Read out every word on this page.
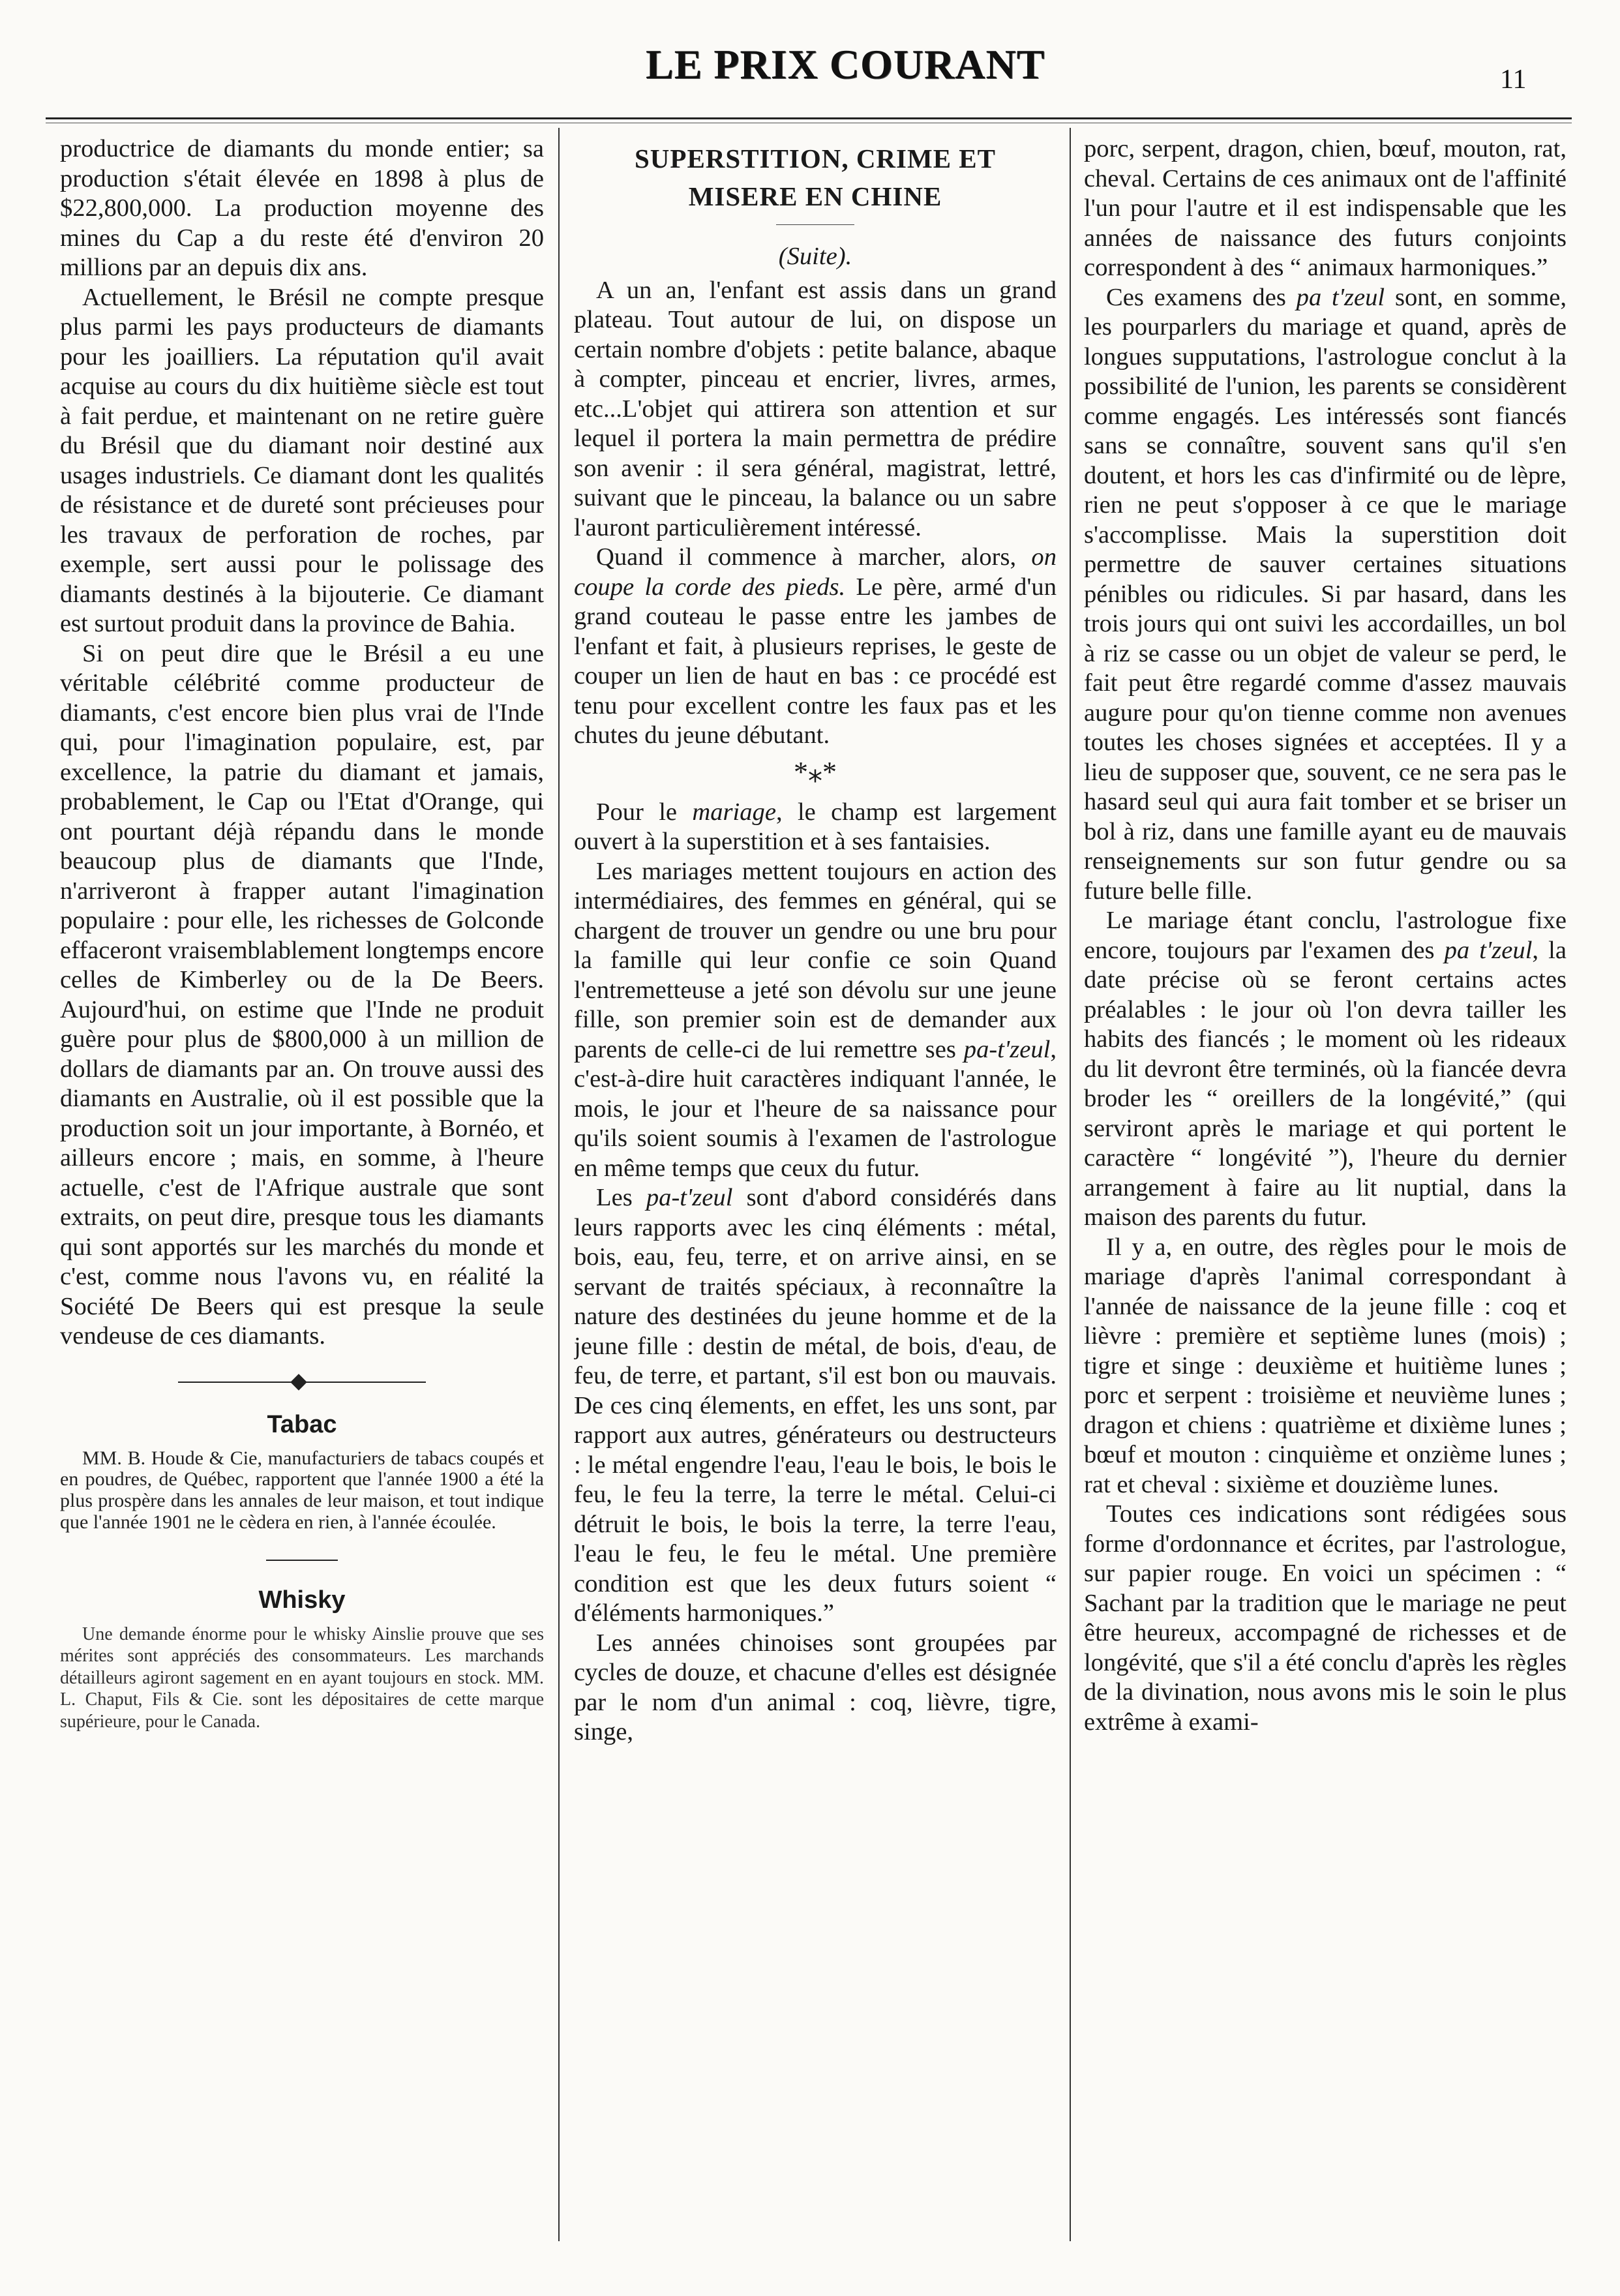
LE PRIX COURANT	11

productrice de diamants du monde entier; sa production s'était élevée en 1898 à plus de $22,800,000. La production moyenne des mines du Cap a du reste été d'environ 20 millions par an depuis dix ans.

Actuellement, le Brésil ne compte presque plus parmi les pays producteurs de diamants pour les joailliers. La réputation qu'il avait acquise au cours du dix huitième siècle est tout à fait perdue, et maintenant on ne retire guère du Brésil que du diamant noir destiné aux usages industriels. Ce diamant dont les qualités de résistance et de dureté sont précieuses pour les travaux de perforation de roches, par exemple, sert aussi pour le polissage des diamants destinés à la bijouterie. Ce diamant est surtout produit dans la province de Bahia.

Si on peut dire que le Brésil a eu une véritable célébrité comme producteur de diamants, c'est encore bien plus vrai de l'Inde qui, pour l'imagination populaire, est, par excellence, la patrie du diamant et jamais, probablement, le Cap ou l'Etat d'Orange, qui ont pourtant déjà répandu dans le monde beaucoup plus de diamants que l'Inde, n'arriveront à frapper autant l'imagination populaire : pour elle, les richesses de Golconde effaceront vraisemblablement longtemps encore celles de Kimberley ou de la De Beers. Aujourd'hui, on estime que l'Inde ne produit guère pour plus de $800,000 à un million de dollars de diamants par an. On trouve aussi des diamants en Australie, où il est possible que la production soit un jour importante, à Bornéo, et ailleurs encore ; mais, en somme, à l'heure actuelle, c'est de l'Afrique australe que sont extraits, on peut dire, presque tous les diamants qui sont apportés sur les marchés du monde et c'est, comme nous l'avons vu, en réalité la Société De Beers qui est presque la seule vendeuse de ces diamants.

Tabac

MM. B. Houde & Cie, manufacturiers de tabacs coupés et en poudres, de Québec, rapportent que l'année 1900 a été la plus prospère dans les annales de leur maison, et tout indique que l'année 1901 ne le cèdera en rien, à l'année écoulée.

Whisky

Une demande énorme pour le whisky Ainslie prouve que ses mérites sont appréciés des consommateurs. Les marchands détailleurs agiront sagement en en ayant toujours en stock. MM. L. Chaput, Fils & Cie. sont les dépositaires de cette marque supérieure, pour le Canada.

SUPERSTITION, CRIME ET
MISERE EN CHINE
(Suite).

A un an, l'enfant est assis dans un grand plateau. Tout autour de lui, on dispose un certain nombre d'objets : petite balance, abaque à compter, pinceau et encrier, livres, armes, etc...L'objet qui attirera son attention et sur lequel il portera la main permettra de prédire son avenir : il sera général, magistrat, lettré, suivant que le pinceau, la balance ou un sabre l'auront particulièrement intéressé.

Quand il commence à marcher, alors, on coupe la corde des pieds. Le père, armé d'un grand couteau le passe entre les jambes de l'enfant et fait, à plusieurs reprises, le geste de couper un lien de haut en bas : ce procédé est tenu pour excellent contre les faux pas et les chutes du jeune débutant.

*⁎*

Pour le mariage, le champ est largement ouvert à la superstition et à ses fantaisies.

Les mariages mettent toujours en action des intermédiaires, des femmes en général, qui se chargent de trouver un gendre ou une bru pour la famille qui leur confie ce soin Quand l'entremetteuse a jeté son dévolu sur une jeune fille, son premier soin est de demander aux parents de celle-ci de lui remettre ses pa-t'zeul, c'est-à-dire huit caractères indiquant l'année, le mois, le jour et l'heure de sa naissance pour qu'ils soient soumis à l'examen de l'astrologue en même temps que ceux du futur.

Les pa-t'zeul sont d'abord considérés dans leurs rapports avec les cinq éléments : métal, bois, eau, feu, terre, et on arrive ainsi, en se servant de traités spéciaux, à reconnaître la nature des destinées du jeune homme et de la jeune fille : destin de métal, de bois, d'eau, de feu, de terre, et partant, s'il est bon ou mauvais. De ces cinq élements, en effet, les uns sont, par rapport aux autres, générateurs ou destructeurs : le métal engendre l'eau, l'eau le bois, le bois le feu, le feu la terre, la terre le métal. Celui-ci détruit le bois, le bois la terre, la terre l'eau, l'eau le feu, le feu le métal. Une première condition est que les deux futurs soient “ d'éléments harmoniques.”

Les années chinoises sont groupées par cycles de douze, et chacune d'elles est désignée par le nom d'un animal : coq, lièvre, tigre, singe,

porc, serpent, dragon, chien, bœuf, mouton, rat, cheval. Certains de ces animaux ont de l'affinité l'un pour l'autre et il est indispensable que les années de naissance des futurs conjoints correspondent à des “ animaux harmoniques.”

Ces examens des pa t'zeul sont, en somme, les pourparlers du mariage et quand, après de longues supputations, l'astrologue conclut à la possibilité de l'union, les parents se considèrent comme engagés. Les intéressés sont fiancés sans se connaître, souvent sans qu'il s'en doutent, et hors les cas d'infirmité ou de lèpre, rien ne peut s'opposer à ce que le mariage s'accomplisse. Mais la superstition doit permettre de sauver certaines situations pénibles ou ridicules. Si par hasard, dans les trois jours qui ont suivi les accordailles, un bol à riz se casse ou un objet de valeur se perd, le fait peut être regardé comme d'assez mauvais augure pour qu'on tienne comme non avenues toutes les choses signées et acceptées. Il y a lieu de supposer que, souvent, ce ne sera pas le hasard seul qui aura fait tomber et se briser un bol à riz, dans une famille ayant eu de mauvais renseignements sur son futur gendre ou sa future belle fille.

Le mariage étant conclu, l'astrologue fixe encore, toujours par l'examen des pa t'zeul, la date précise où se feront certains actes préalables : le jour où l'on devra tailler les habits des fiancés ; le moment où les rideaux du lit devront être terminés, où la fiancée devra broder les “ oreillers de la longévité,” (qui serviront après le mariage et qui portent le caractère “ longévité ”), l'heure du dernier arrangement à faire au lit nuptial, dans la maison des parents du futur.

Il y a, en outre, des règles pour le mois de mariage d'après l'animal correspondant à l'année de naissance de la jeune fille : coq et lièvre : première et septième lunes (mois) ; tigre et singe : deuxième et huitième lunes ; porc et serpent : troisième et neuvième lunes ; dragon et chiens : quatrième et dixième lunes ; bœuf et mouton : cinquième et onzième lunes ; rat et cheval : sixième et douzième lunes.

Toutes ces indications sont rédigées sous forme d'ordonnance et écrites, par l'astrologue, sur papier rouge. En voici un spécimen : “ Sachant par la tradition que le mariage ne peut être heureux, accompagné de richesses et de longévité, que s'il a été conclu d'après les règles de la divination, nous avons mis le soin le plus extrême à exami-
